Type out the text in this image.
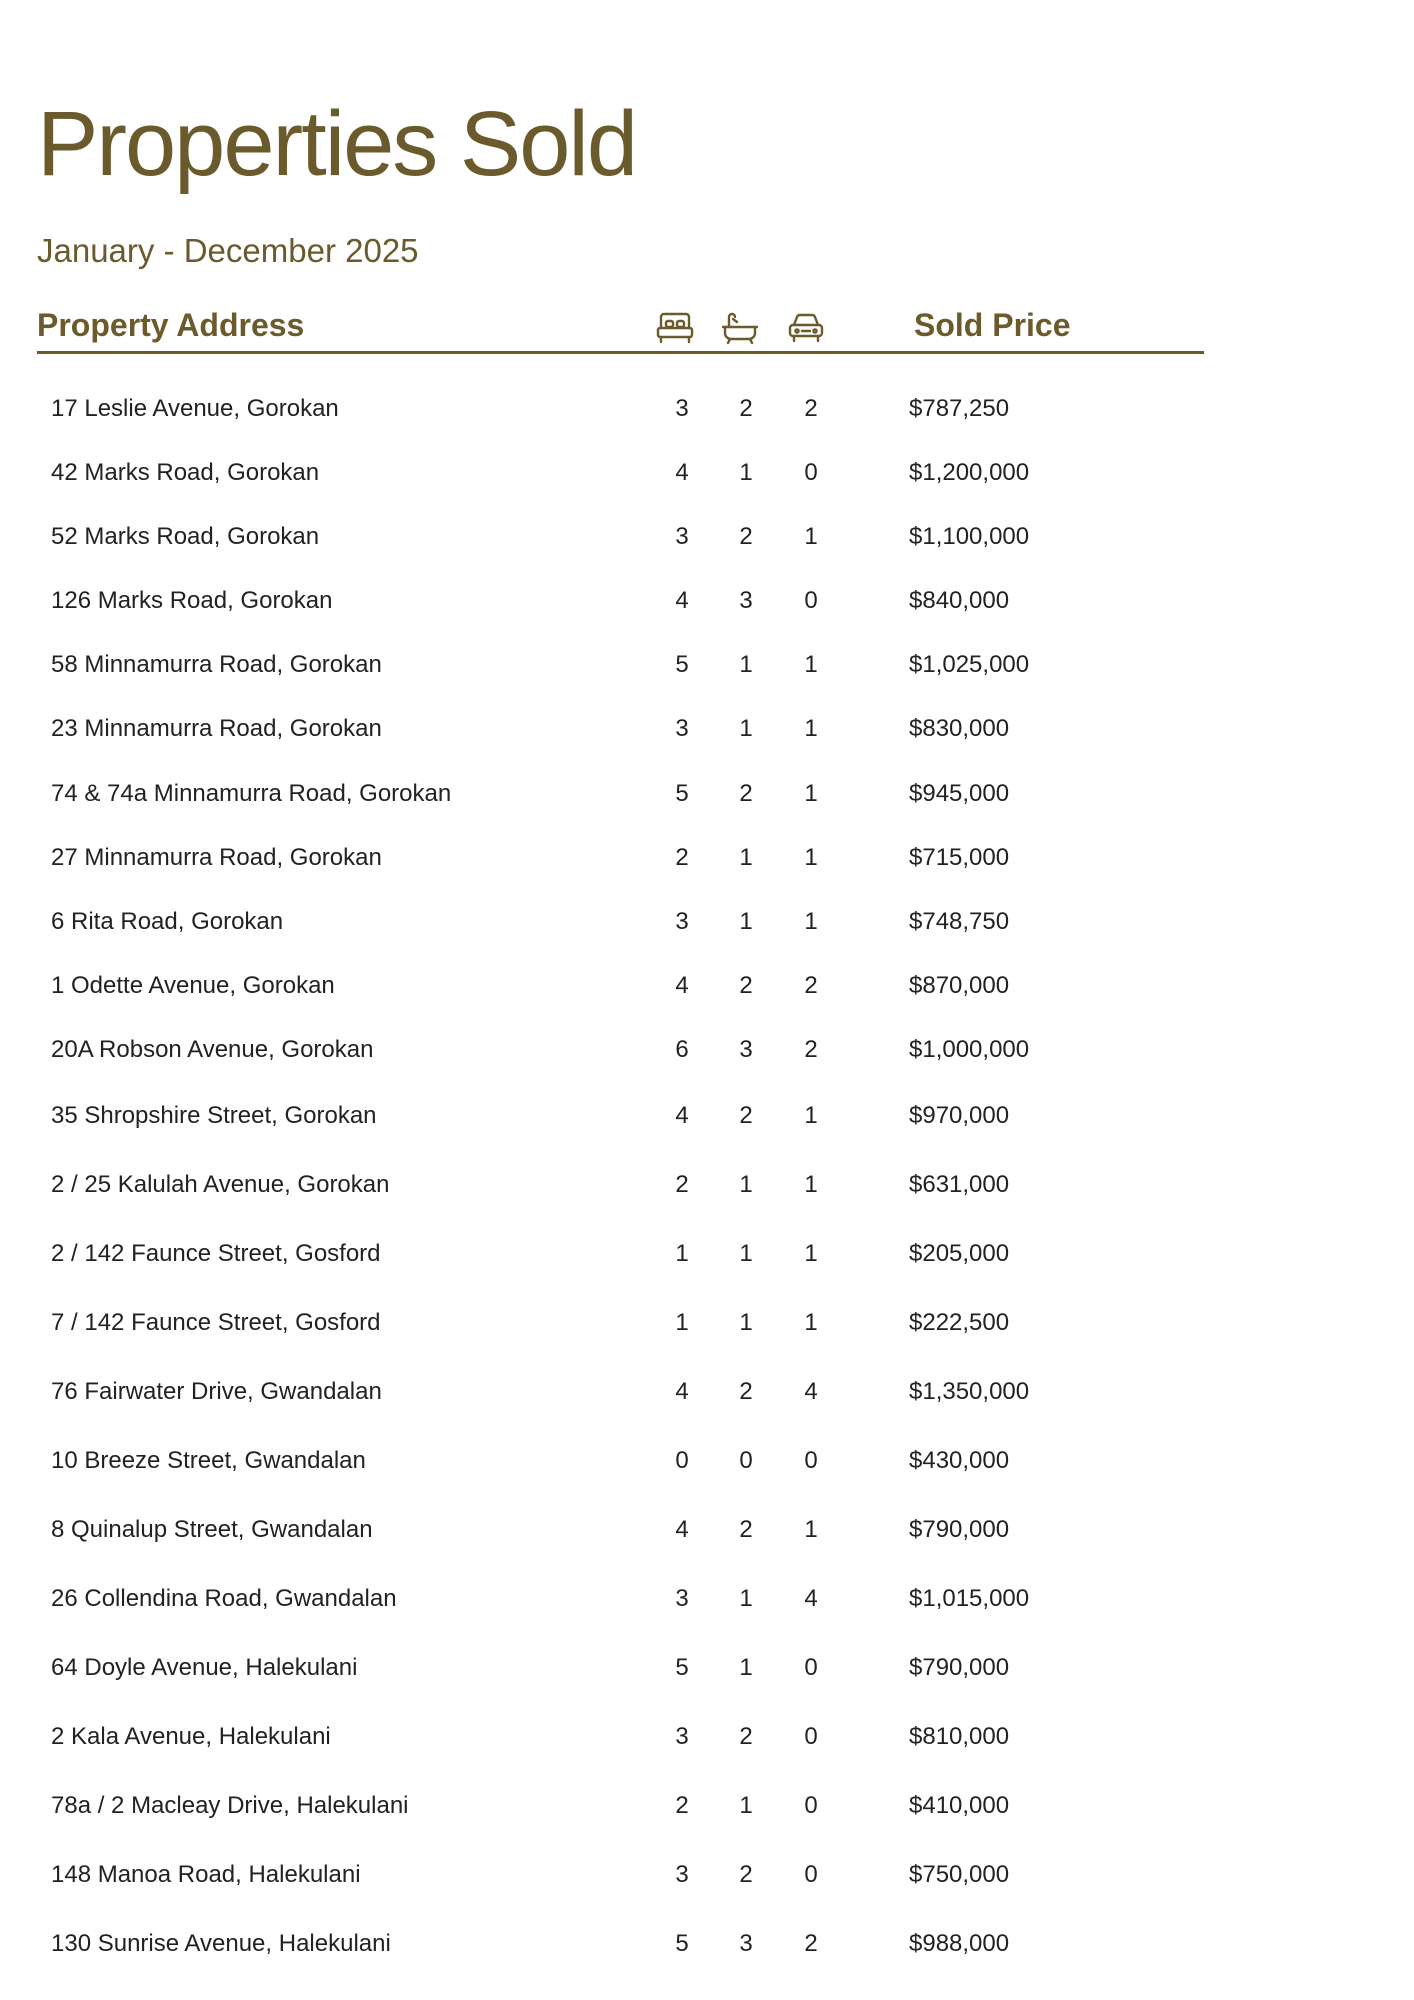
Properties Sold
January - December 2025
Property Address	Sold Price
17 Leslie Avenue, Gorokan	3	2	2	$787,250
42 Marks Road, Gorokan	4	1	0	$1,200,000
52 Marks Road, Gorokan	3	2	1	$1,100,000
126 Marks Road, Gorokan	4	3	0	$840,000
58 Minnamurra Road, Gorokan	5	1	1	$1,025,000
23 Minnamurra Road, Gorokan	3	1	1	$830,000
74 & 74a Minnamurra Road, Gorokan	5	2	1	$945,000
27 Minnamurra Road, Gorokan	2	1	1	$715,000
6 Rita Road, Gorokan	3	1	1	$748,750
1 Odette Avenue, Gorokan	4	2	2	$870,000
20A Robson Avenue, Gorokan	6	3	2	$1,000,000
35 Shropshire Street, Gorokan	4	2	1	$970,000
2 / 25 Kalulah Avenue, Gorokan	2	1	1	$631,000
2 / 142 Faunce Street, Gosford	1	1	1	$205,000
7 / 142 Faunce Street, Gosford	1	1	1	$222,500
76 Fairwater Drive, Gwandalan	4	2	4	$1,350,000
10 Breeze Street, Gwandalan	0	0	0	$430,000
8 Quinalup Street, Gwandalan	4	2	1	$790,000
26 Collendina Road, Gwandalan	3	1	4	$1,015,000
64 Doyle Avenue, Halekulani	5	1	0	$790,000
2 Kala Avenue, Halekulani	3	2	0	$810,000
78a / 2 Macleay Drive, Halekulani	2	1	0	$410,000
148 Manoa Road, Halekulani	3	2	0	$750,000
130 Sunrise Avenue, Halekulani	5	3	2	$988,000
